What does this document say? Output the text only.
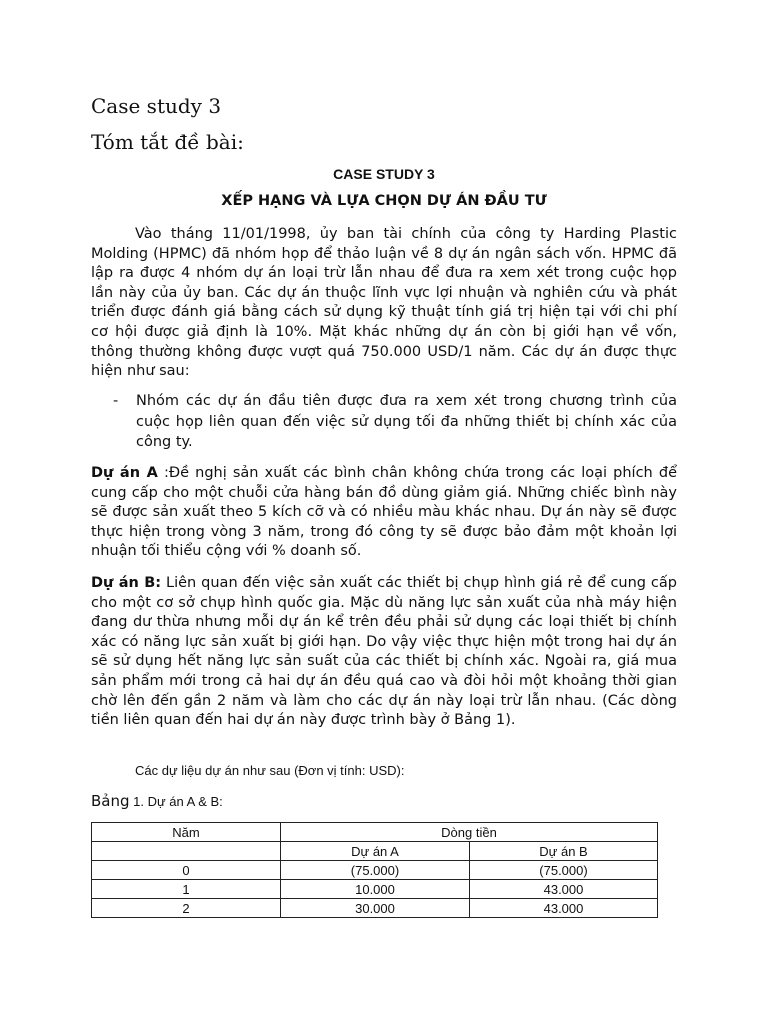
Case study 3
Tóm tắt đề bài:
CASE STUDY 3
XẾP HẠNG VÀ LỰA CHỌN DỰ ÁN ĐẦU TƯ
Vào tháng 11/01/1998, ủy ban tài chính của công ty Harding Plastic Molding (HPMC) đã nhóm họp để thảo luận về 8 dự án ngân sách vốn. HPMC đã lập ra được 4 nhóm dự án loại trừ lẫn nhau để đưa ra xem xét trong cuộc họp lần này của ủy ban. Các dự án thuộc lĩnh vực lợi nhuận và nghiên cứu và phát triển được đánh giá bằng cách sử dụng kỹ thuật tính giá trị hiện tại với chi phí cơ hội được giả định là 10%. Mặt khác những dự án còn bị giới hạn về vốn, thông thường không được vượt quá 750.000 USD/1 năm. Các dự án được thực hiện như sau:
- Nhóm các dự án đầu tiên được đưa ra xem xét trong chương trình của cuộc họp liên quan đến việc sử dụng tối đa những thiết bị chính xác của công ty.
Dự án A :Đề nghị sản xuất các bình chân không chứa trong các loại phích để cung cấp cho một chuỗi cửa hàng bán đồ dùng giảm giá. Những chiếc bình này sẽ được sản xuất theo 5 kích cỡ và có nhiều màu khác nhau. Dự án này sẽ được thực hiện trong vòng 3 năm, trong đó công ty sẽ được bảo đảm một khoản lợi nhuận tối thiểu cộng với % doanh số.
Dự án B: Liên quan đến việc sản xuất các thiết bị chụp hình giá rẻ để cung cấp cho một cơ sở chụp hình quốc gia. Mặc dù năng lực sản xuất của nhà máy hiện đang dư thừa nhưng mỗi dự án kể trên đều phải sử dụng các loại thiết bị chính xác có năng lực sản xuất bị giới hạn. Do vậy việc thực hiện một trong hai dự án sẽ sử dụng hết năng lực sản suất của các thiết bị chính xác. Ngoài ra, giá mua sản phẩm mới trong cả hai dự án đều quá cao và đòi hỏi một khoảng thời gian chờ lên đến gần 2 năm và làm cho các dự án này loại trừ lẫn nhau. (Các dòng tiền liên quan đến hai dự án này được trình bày ở Bảng 1).
Các dự liệu dự án như sau (Đơn vị tính: USD):
Bảng 1. Dự án A & B:
Năm	Dòng tiền	
	Dự án A	Dự án B
0	(75.000)	(75.000)
1	10.000	43.000
2	30.000	43.000
